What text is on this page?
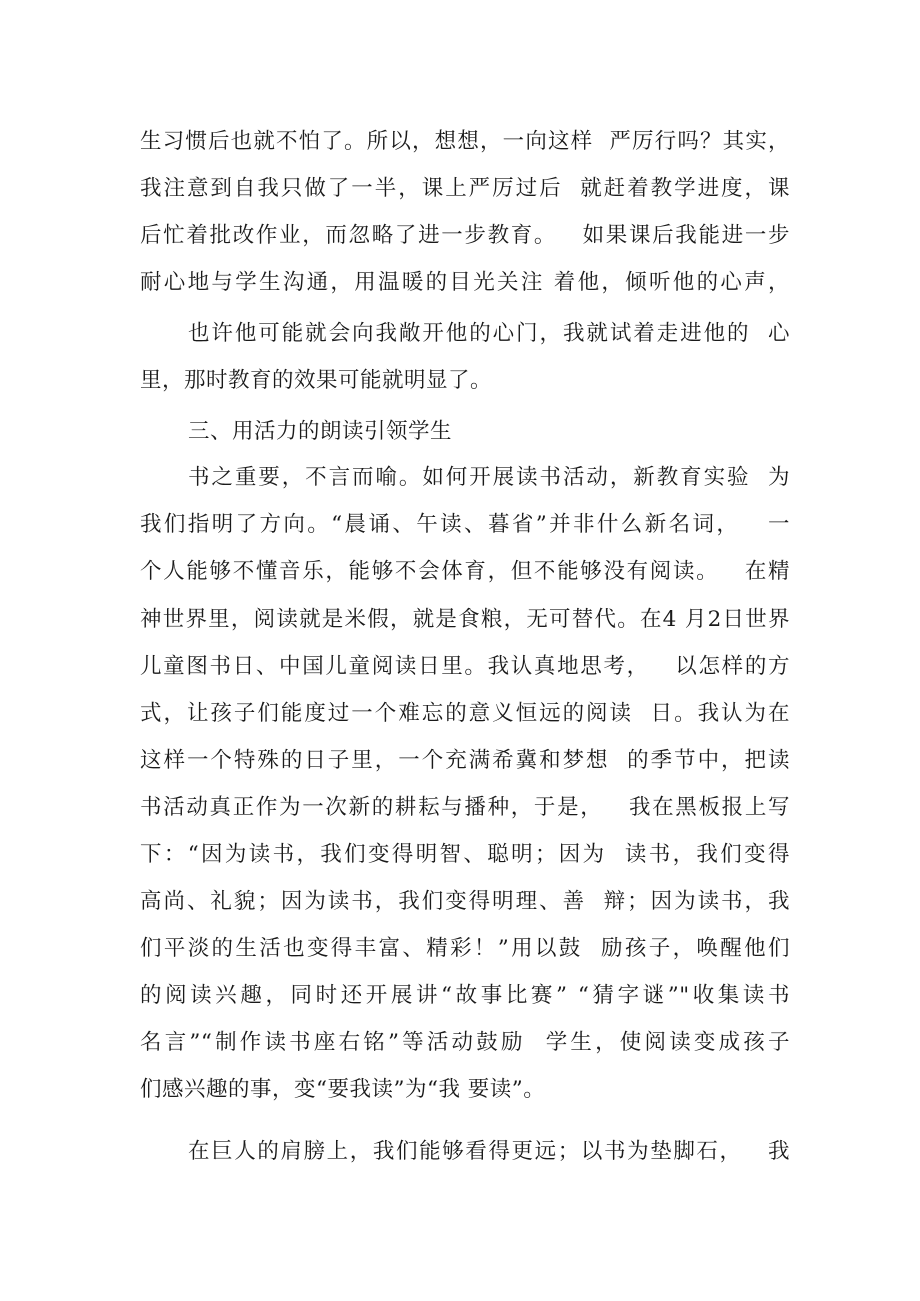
生习惯后也就不怕了。所以，想想，一向这样  严厉行吗？其实，
我注意到自我只做了一半，课上严厉过后  就赶着教学进度，课
后忙着批改作业，而忽略了进一步教育。   如果课后我能进一步
耐心地与学生沟通，用温暖的目光关注 着他，倾听他的心声，
也许他可能就会向我敞开他的心门，我就试着走进他的  心
里，那时教育的效果可能就明显了。
三、用活力的朗读引领学生
书之重要，不言而喻。如何开展读书活动，新教育实验  为
我们指明了方向。“晨诵、午读、暮省”并非什么新名词，   一
个人能够不懂音乐，能够不会体育，但不能够没有阅读。   在精
神世界里，阅读就是米假，就是食粮，无可替代。在4 月2日世界
儿童图书日、中国儿童阅读日里。我认真地思考，   以怎样的方
式，让孩子们能度过一个难忘的意义恒远的阅读  日。我认为在
这样一个特殊的日子里，一个充满希冀和梦想  的季节中，把读
书活动真正作为一次新的耕耘与播种，于是，   我在黑板报上写
下：“因为读书，我们变得明智、聪明；因为  读书，我们变得
高尚、礼貌；因为读书，我们变得明理、善  辩；因为读书，我
们平淡的生活也变得丰富、精彩！”用以鼓  励孩子，唤醒他们
的阅读兴趣，同时还开展讲“故事比赛” “猜字谜”"收集读书
名言”“制作读书座右铭”等活动鼓励  学生，使阅读变成孩子
们感兴趣的事，变“要我读”为“我 要读”。
在巨人的肩膀上，我们能够看得更远；以书为垫脚石，   我
